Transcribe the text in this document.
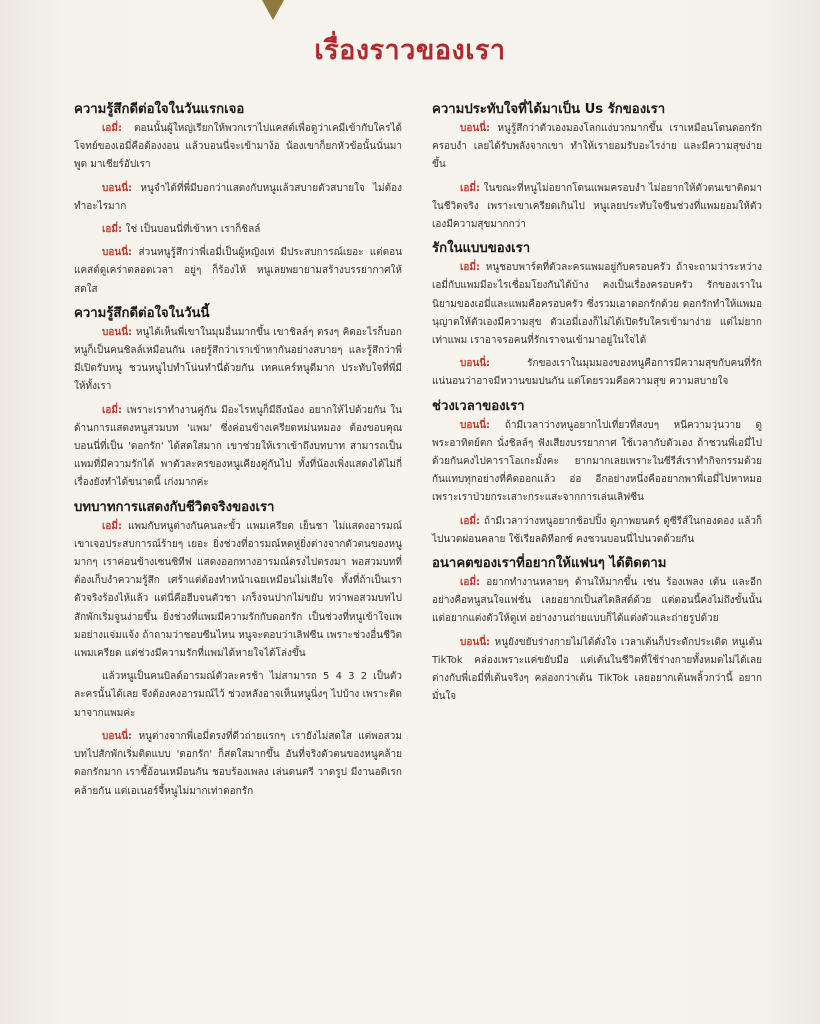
เรื่องราวของเรา
ความรู้สึกดีต่อใจในวันแรกเจอ
เอมี่: ตอนนั้นผู้ใหญ่เรียกให้พวกเราไปแคสต์เพื่อดูว่าเคมีเข้ากับใครได้ โจทย์ของเอมี่คือต้องงอน แล้วบอนนี่จะเข้ามาง้อ น้องเขาก็ยกหัวข้อนั้นนั่นมาพูด มาเชียร์อัปเรา
บอนนี่: หนูจำได้ที่พี่มีบอกว่าแสดงกับหนูแล้วสบายตัวสบายใจ ไม่ต้องทำอะไรมาก
เอมี่: ใช่ เป็นบอนนี่ที่เข้าหา เราก็ชิลล์
บอนนี่: ส่วนหนูรู้สึกว่าพี่เอมี่เป็นผู้หญิงเท่ มีประสบการณ์เยอะ แต่ตอนแคสต์ดูเคร่าตลอดเวลา อยู่ๆ ก็ร้องไห้ หนูเลยพยายามสร้างบรรยากาศให้สดใส
ความรู้สึกดีต่อใจในวันนี้
บอนนี่: หนูได้เห็นพี่เขาในมุมอื่นมากขึ้น เขาชิลล์ๆ ตรงๆ คิดอะไรก็บอก หนูก็เป็นคนชิลล์เหมือนกัน เลยรู้สึกว่าเราเข้าหากันอย่างสบายๆ และรู้สึกว่าพี่มีเปิดรับหนู ชวนหนูไปทำโน่นทำนี่ด้วยกัน เทคแคร์หนูดีมาก ประทับใจที่พี่มีให้ทั้งเรา
เอมี่: เพราะเราทำงานคู่กัน มีอะไรหนูก็มีถึงน้อง อยากให้ไปด้วยกัน ในด้านการแสดงหนูสวมบท 'แพม' ซึ่งค่อนข้างเครียดหม่นหมอง ต้องขอบคุณบอนนี่ที่เป็น 'ดอกรัก' ได้สดใสมาก เขาช่วยให้เราเข้าถึงบทบาท สามารถเป็นแพมที่มีความรักได้ พาตัวละครของหนูเคียงคู่กันไป ทั้งที่น้องเพิ่งแสดงได้ไม่กี่เรื่องยังทำได้ขนาดนี้ เก่งมากค่ะ
บทบาทการแสดงกับชีวิตจริงของเรา
เอมี่: แพมกับหนูต่างกันคนละขั้ว แพมเครียด เย็นชา ไม่แสดงอารมณ์ เขาเจอประสบการณ์ร้ายๆ เยอะ ยิ่งช่วงที่อารมณ์หดหู่ยิ่งต่างจากตัวตนของหนูมากๆ เราค่อนข้างเซนซิทีฟ แสดงออกทางอารมณ์ตรงไปตรงมา พอสวมบทที่ต้องเก็บงำความรู้สึก เศร้าแต่ต้องทำหน้าเฉยเหมือนไม่เสียใจ ทั้งที่ถ้าเป็นเราตัวจริงร้องไห้แล้ว แต่นี่คือฮีบจนตัวชา เกร็งจนปากไม่ขยับ ทว่าพอสวมบทไปสักพักเริ่มจูนง่ายขึ้น ยิ่งช่วงที่แพมมีความรักกับดอกรัก เป็นช่วงที่หนูเข้าใจแพมอย่างแจ่มแจ้ง ถ้าถามว่าชอบซีนไหน หนูจะตอบว่าเลิฟซีน เพราะช่วงอื่นชีวิตแพมเครียด แต่ช่วงมีความรักที่แพมได้หายใจได้โล่งขึ้น
แล้วหนูเป็นคนบิลด์อารมณ์ตัวละครช้า ไม่สามารถ 5 4 3 2 เป็นตัวละครนั้นได้เลย จึงต้องคงอารมณ์ไว้ ช่วงหลังอาจเห็นหนูนิ่งๆ ไปบ้าง เพราะติดมาจากแพมค่ะ
บอนนี่: หนูต่างจากพี่เอมี่ตรงที่ดีวถ่ายแรกๆ เรายังไม่สดใส แต่พอสวมบทไปสักพักเริ่มติดแบบ 'ดอกรัก' ก็สดใสมากขึ้น อันที่จริงตัวตนของหนูคล้ายดอกรักมาก เราซี้อ้อนเหมือนกัน ชอบร้องเพลง เล่นดนตรี วาดรูป มีงานอดิเรกคล้ายกัน แต่เอเนอร์จี้หนูไม่มากเท่าดอกรัก
ความประทับใจที่ได้มาเป็น Us รักของเรา
บอนนี่: หนูรู้สึกว่าตัวเองมองโลกแง่บวกมากขึ้น เราเหมือนโดนดอกรักครอบงำ เลยได้รับพลังจากเขา ทำให้เรายอมรับอะไรง่าย และมีความสุขง่ายขึ้น
เอมี่: ในขณะที่หนูไม่อยากโดนแพมครอบงำ ไม่อยากให้ตัวตนเขาติดมาในชีวิตจริง เพราะเขาเครียดเกินไป หนูเลยประทับใจซีนช่วงที่แพมยอมให้ตัวเองมีความสุขมากกว่า
รักในแบบของเรา
เอมี่: หนูชอบพาร์ตที่ตัวละครแพมอยู่กับครอบครัว ถ้าจะถามว่าระหว่างเอมี่กับแพมมีอะไรเชื่อมโยงกันได้บ้าง คงเป็นเรื่องครอบครัว รักของเราในนิยามของเอมี่และแพมคือครอบครัว ซึ่งรวมเอาดอกรักด้วย ดอกรักทำให้แพมอนุญาตให้ตัวเองมีความสุข ตัวเอมี่เองก็ไม่ได้เปิดรับใครเข้ามาง่าย แต่ไม่ยากเท่าแพม เราอาจรอคนที่รักเราจนเข้ามาอยู่ในใจได้
บอนนี่: รักของเราในมุมมองของหนูคือการมีความสุขกับคนที่รัก แน่นอนว่าอาจมีหวานขมปนกัน แต่โดยรวมคือความสุข ความสบายใจ
ช่วงเวลาของเรา
บอนนี่: ถ้ามีเวลาว่างหนูอยากไปเที่ยวที่สงบๆ หนีความวุ่นวาย ดูพระอาทิตย์ตก นั่งชิลล์ๆ ฟังเสียงบรรยากาศ ใช้เวลากับตัวเอง ถ้าชวนพี่เอมี่ไปด้วยกันคงไปคาราโอเกะมั้งคะ ยากมากเลยเพราะในซีรีส์เราทำกิจกรรมด้วยกันแทบทุกอย่างที่คิดออกแล้ว อ่อ อีกอย่างหนึ่งคืออยากพาพี่เอมี่ไปหาหมอ เพราะเราป่วยกระเสาะกระแสะจากการเล่นเลิฟซีน
เอมี่: ถ้ามีเวลาว่างหนูอยากช้อปปิ้ง ดูภาพยนตร์ ดูซีรีส์ในกองดอง แล้วก็ไปนวดผ่อนคลาย ใช้เรียลดิทีอกซ์ คงชวนบอนนี่ไปนวดด้วยกัน
อนาคตของเราที่อยากให้แฟนๆ ได้ติดตาม
เอมี่: อยากทำงานหลายๆ ด้านให้มากขึ้น เช่น ร้องเพลง เต้น และอีกอย่างคือหนูสนใจแฟชั่น เลยอยากเป็นสไตลิสต์ด้วย แต่ตอนนี้คงไม่ถึงขั้นนั้น แต่อยากแต่งตัวให้ดูเท่ อย่างงานถ่ายแบบก็ได้แต่งตัวและถ่ายรูปด้วย
บอนนี่: หนูยังขยับร่างกายไม่ได้ดั่งใจ เวลาเต้นก็ประดักประเดิด หนูเต้น TikTok คล่องเพราะแค่ขยับมือ แต่เต้นในชีวิตที่ใช้ร่างกายทั้งหมดไม่ได้เลย ต่างกับพี่เอมี่ที่เต้นจริงๆ คล่องกว่าเต้น TikTok เลยอยากเต้นพลิ้วกว่านี้ อยากมั่นใจ
